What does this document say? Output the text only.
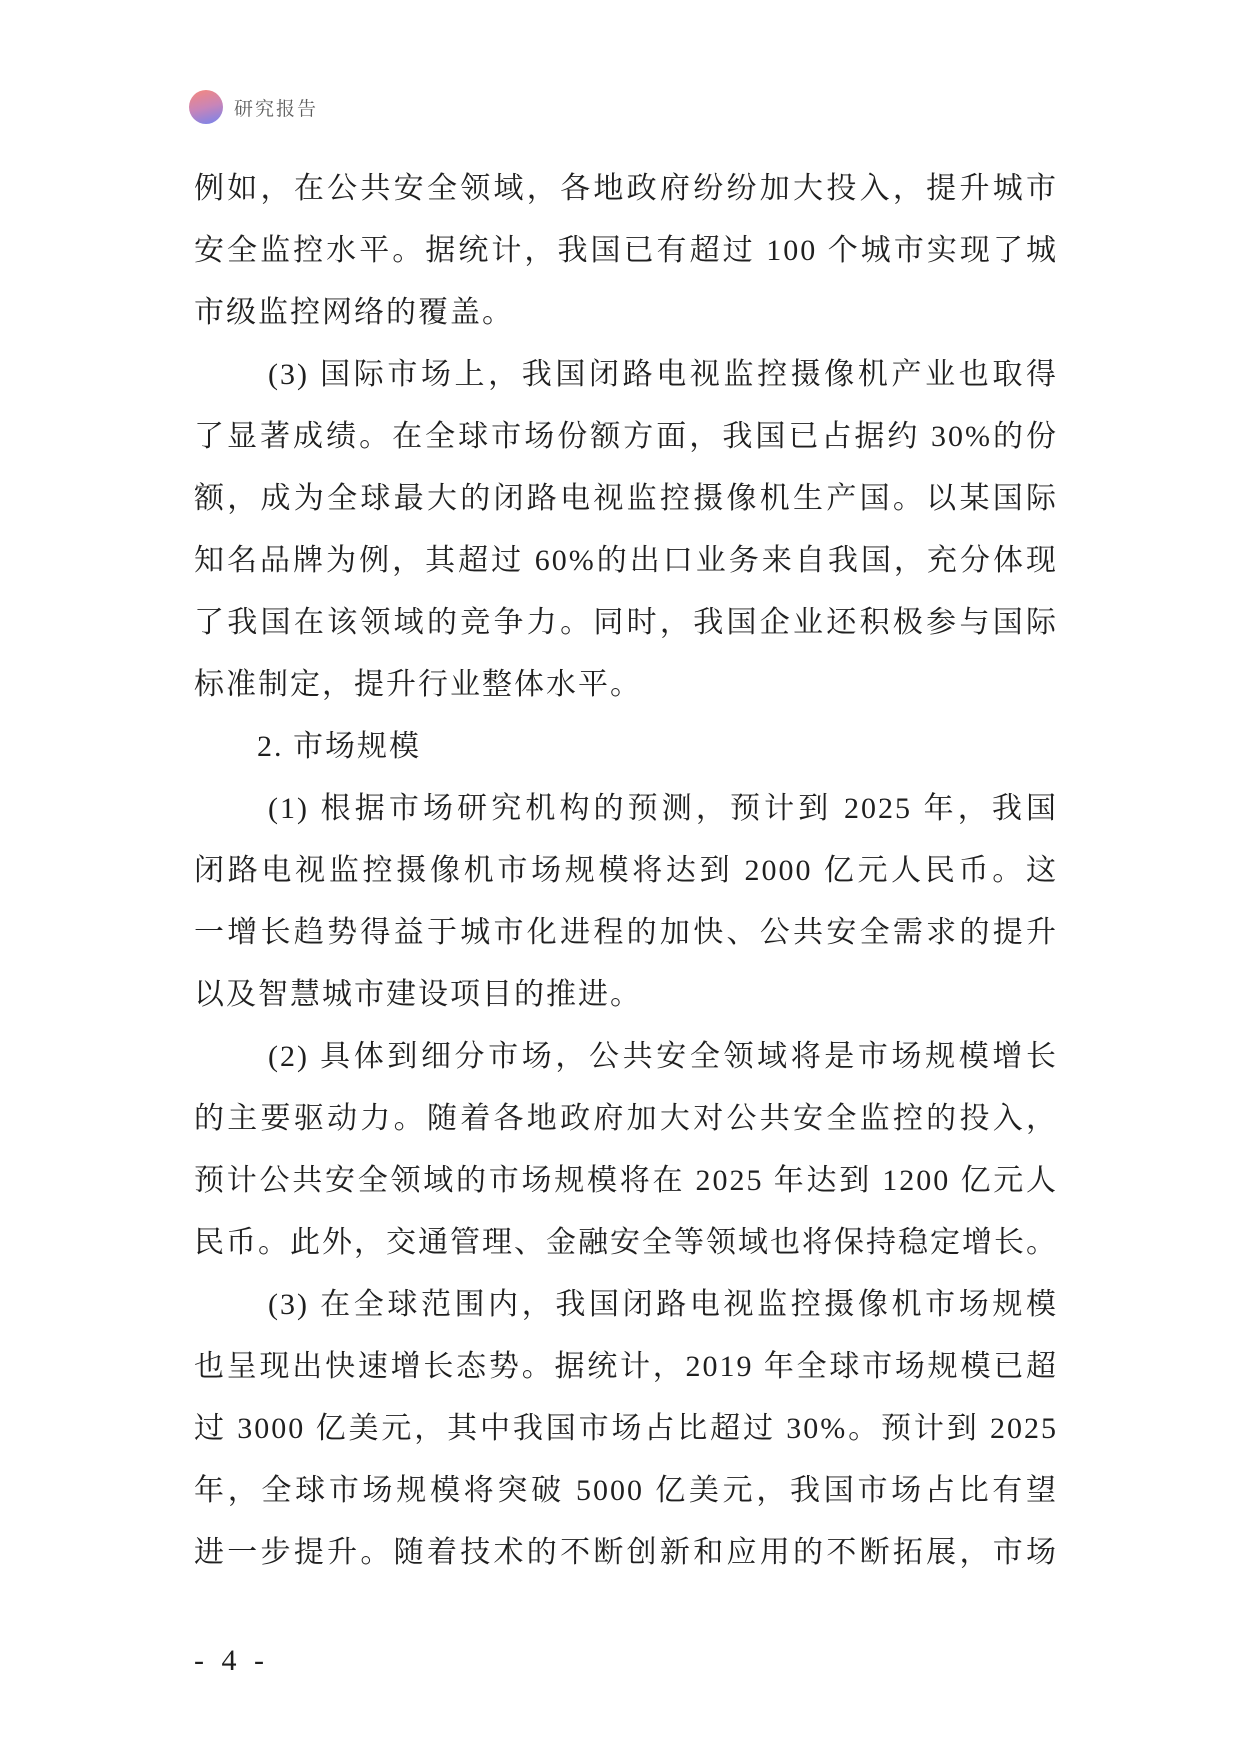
研究报告
例如，在公共安全领域，各地政府纷纷加大投入，提升城市
安全监控水平。据统计，我国已有超过 100 个城市实现了城
市级监控网络的覆盖。
(3) 国际市场上，我国闭路电视监控摄像机产业也取得
了显著成绩。在全球市场份额方面，我国已占据约 30%的份
额，成为全球最大的闭路电视监控摄像机生产国。以某国际
知名品牌为例，其超过 60%的出口业务来自我国，充分体现
了我国在该领域的竞争力。同时，我国企业还积极参与国际
标准制定，提升行业整体水平。
2. 市场规模
(1) 根据市场研究机构的预测，预计到 2025 年，我国
闭路电视监控摄像机市场规模将达到 2000 亿元人民币。这
一增长趋势得益于城市化进程的加快、公共安全需求的提升
以及智慧城市建设项目的推进。
(2) 具体到细分市场，公共安全领域将是市场规模增长
的主要驱动力。随着各地政府加大对公共安全监控的投入，
预计公共安全领域的市场规模将在 2025 年达到 1200 亿元人
民币。此外，交通管理、金融安全等领域也将保持稳定增长。
(3) 在全球范围内，我国闭路电视监控摄像机市场规模
也呈现出快速增长态势。据统计，2019 年全球市场规模已超
过 3000 亿美元，其中我国市场占比超过 30%。预计到 2025
年，全球市场规模将突破 5000 亿美元，我国市场占比有望
进一步提升。随着技术的不断创新和应用的不断拓展，市场
- 4 -
